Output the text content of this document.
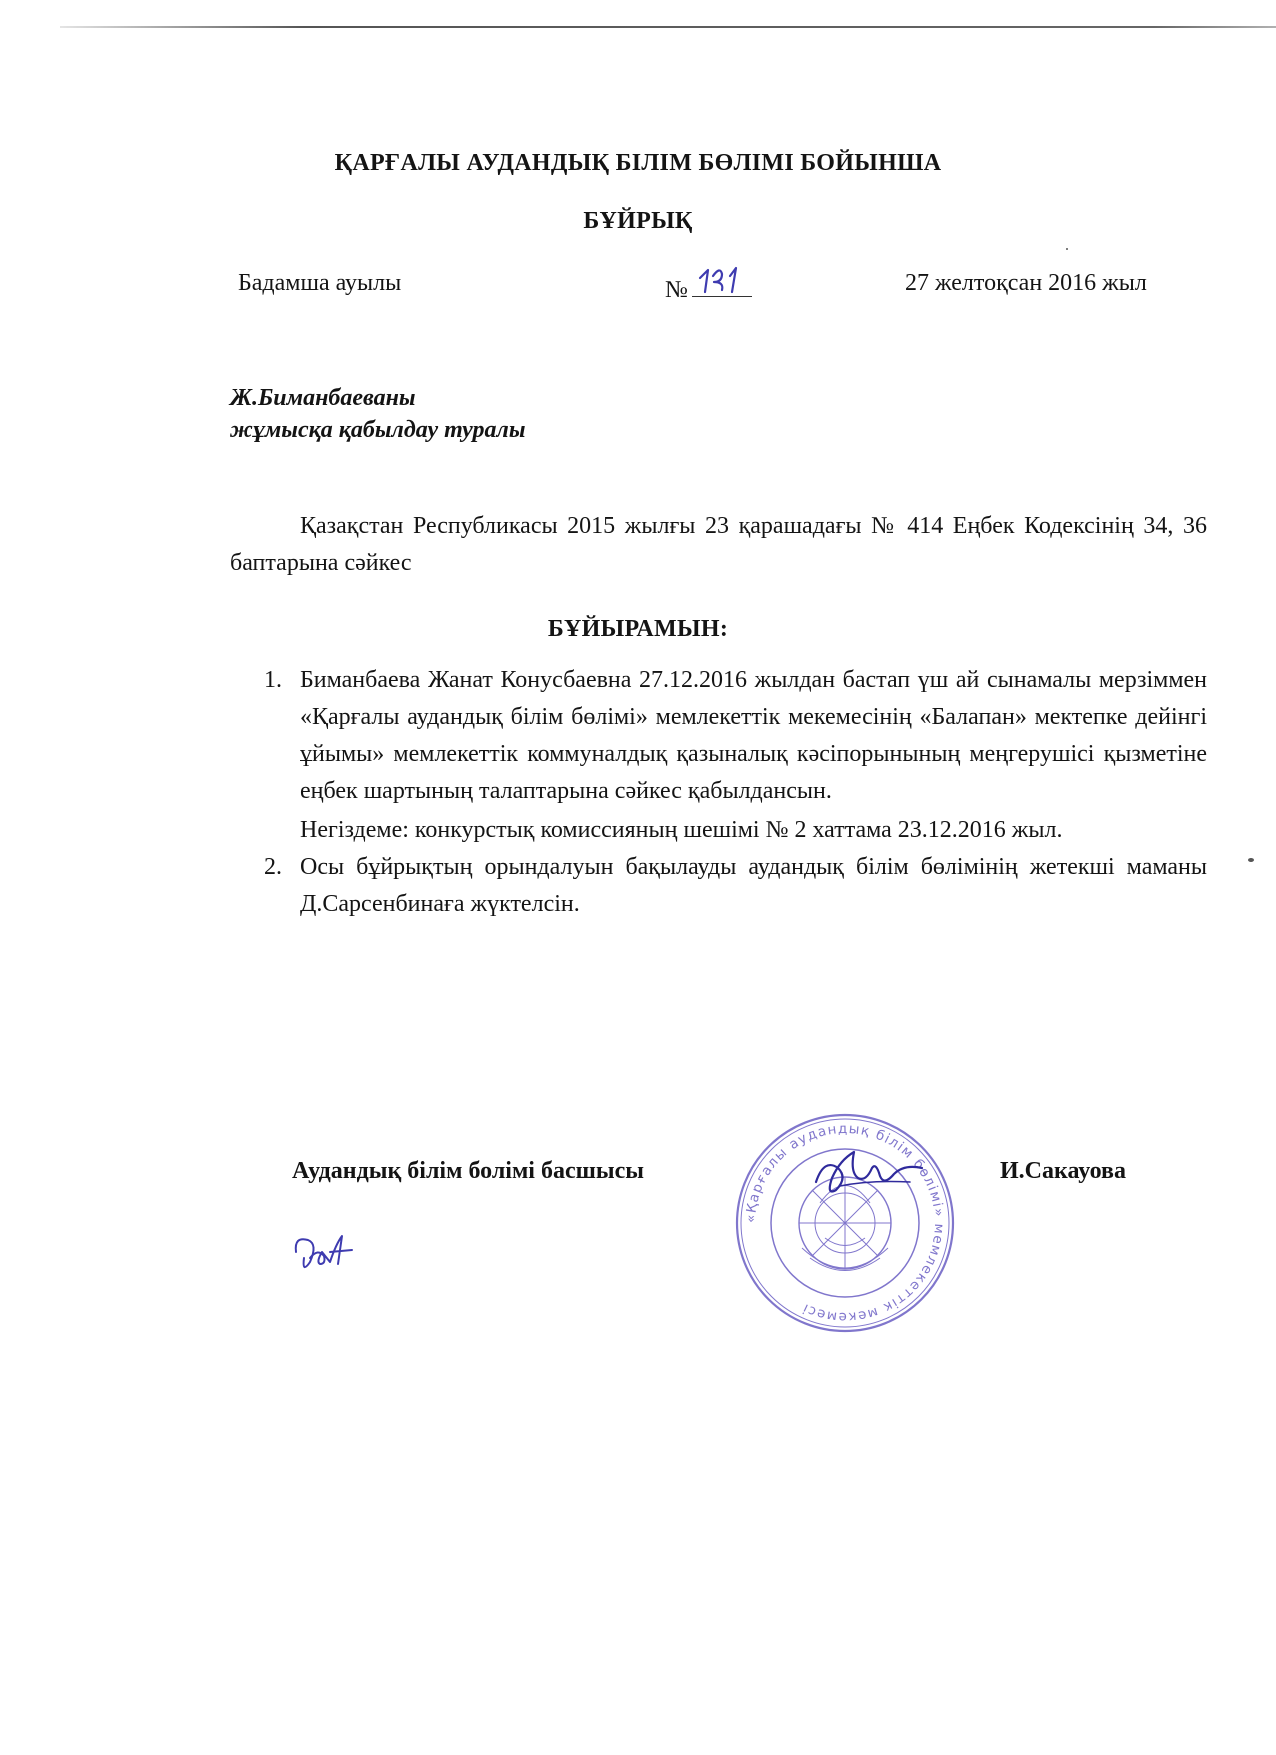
ҚАРҒАЛЫ АУДАНДЫҚ БІЛІМ БӨЛІМІ БОЙЫНША
БҰЙРЫҚ
Бадамша ауылы	№	27 желтоқсан 2016 жыл
Ж.Биманбаеваны
жұмысқа қабылдау туралы
Қазақстан Республикасы 2015 жылғы 23 қарашадағы № 414 Еңбек Кодексінің 34, 36 баптарына сәйкес
БҰЙЫРАМЫН:
1. Биманбаева Жанат Конусбаевна 27.12.2016 жылдан бастап үш ай сынамалы мерзіммен «Қарғалы аудандық білім бөлімі» мемлекеттік мекемесінің «Балапан» мектепке дейінгі ұйымы» мемлекеттік коммуналдық қазыналық кәсіпорынының меңгерушісі қызметіне еңбек шартының талаптарына сәйкес қабылдансын.
Негіздеме: конкурстық комиссияның шешімі № 2 хаттама 23.12.2016 жыл.
2. Осы бұйрықтың орындалуын бақылауды аудандық білім бөлімінің жетекші маманы Д.Сарсенбинаға жүктелсін.
Аудандық білім болімі басшысы	И.Сакауова
«Қарғалы аудандық білім бөлімі» мемлекеттік мекемесі
